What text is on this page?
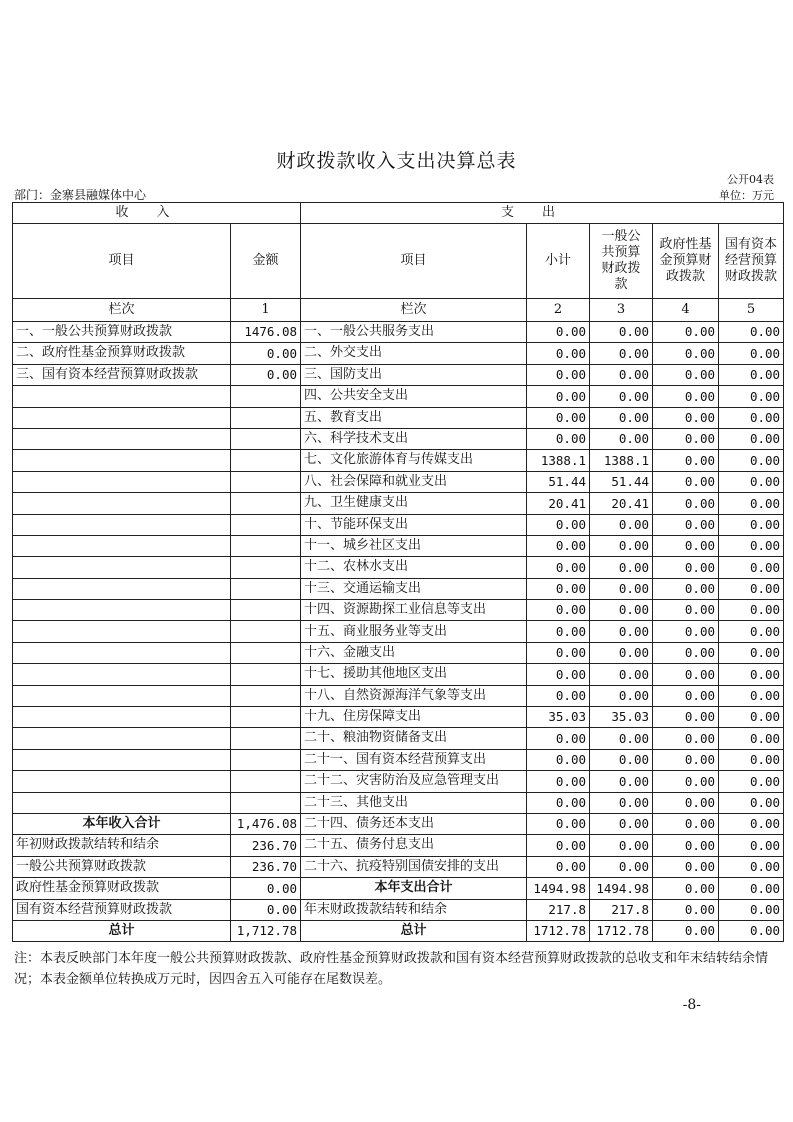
财政拨款收入支出决算总表
公开04表
部门：金寨县融媒体中心	单位：万元
收入		支出				
项目	金额	项目	小计	一般公共预算财政拨款	政府性基金预算财政拨款	国有资本经营预算财政拨款
栏次	1	栏次	2	3	4	5
一、一般公共预算财政拨款	1476.08	一、一般公共服务支出	0.00	0.00	0.00	0.00
二、政府性基金预算财政拨款	0.00	二、外交支出	0.00	0.00	0.00	0.00
三、国有资本经营预算财政拨款	0.00	三、国防支出	0.00	0.00	0.00	0.00
		四、公共安全支出	0.00	0.00	0.00	0.00
		五、教育支出	0.00	0.00	0.00	0.00
		六、科学技术支出	0.00	0.00	0.00	0.00
		七、文化旅游体育与传媒支出	1388.1	1388.1	0.00	0.00
		八、社会保障和就业支出	51.44	51.44	0.00	0.00
		九、卫生健康支出	20.41	20.41	0.00	0.00
		十、节能环保支出	0.00	0.00	0.00	0.00
		十一、城乡社区支出	0.00	0.00	0.00	0.00
		十二、农林水支出	0.00	0.00	0.00	0.00
		十三、交通运输支出	0.00	0.00	0.00	0.00
		十四、资源勘探工业信息等支出	0.00	0.00	0.00	0.00
		十五、商业服务业等支出	0.00	0.00	0.00	0.00
		十六、金融支出	0.00	0.00	0.00	0.00
		十七、援助其他地区支出	0.00	0.00	0.00	0.00
		十八、自然资源海洋气象等支出	0.00	0.00	0.00	0.00
		十九、住房保障支出	35.03	35.03	0.00	0.00
		二十、粮油物资储备支出	0.00	0.00	0.00	0.00
		二十一、国有资本经营预算支出	0.00	0.00	0.00	0.00
		二十二、灾害防治及应急管理支出	0.00	0.00	0.00	0.00
		二十三、其他支出	0.00	0.00	0.00	0.00
本年收入合计	1,476.08	二十四、债务还本支出	0.00	0.00	0.00	0.00
年初财政拨款结转和结余	236.70	二十五、债务付息支出	0.00	0.00	0.00	0.00
一般公共预算财政拨款	236.70	二十六、抗疫特别国债安排的支出	0.00	0.00	0.00	0.00
政府性基金预算财政拨款	0.00	本年支出合计	1494.98	1494.98	0.00	0.00
国有资本经营预算财政拨款	0.00	年末财政拨款结转和结余	217.8	217.8	0.00	0.00
总计	1,712.78	总计	1712.78	1712.78	0.00	0.00
注：本表反映部门本年度一般公共预算财政拨款、政府性基金预算财政拨款和国有资本经营预算财政拨款的总收支和年末结转结余情况；本表金额单位转换成万元时，因四舍五入可能存在尾数误差。
-8-
